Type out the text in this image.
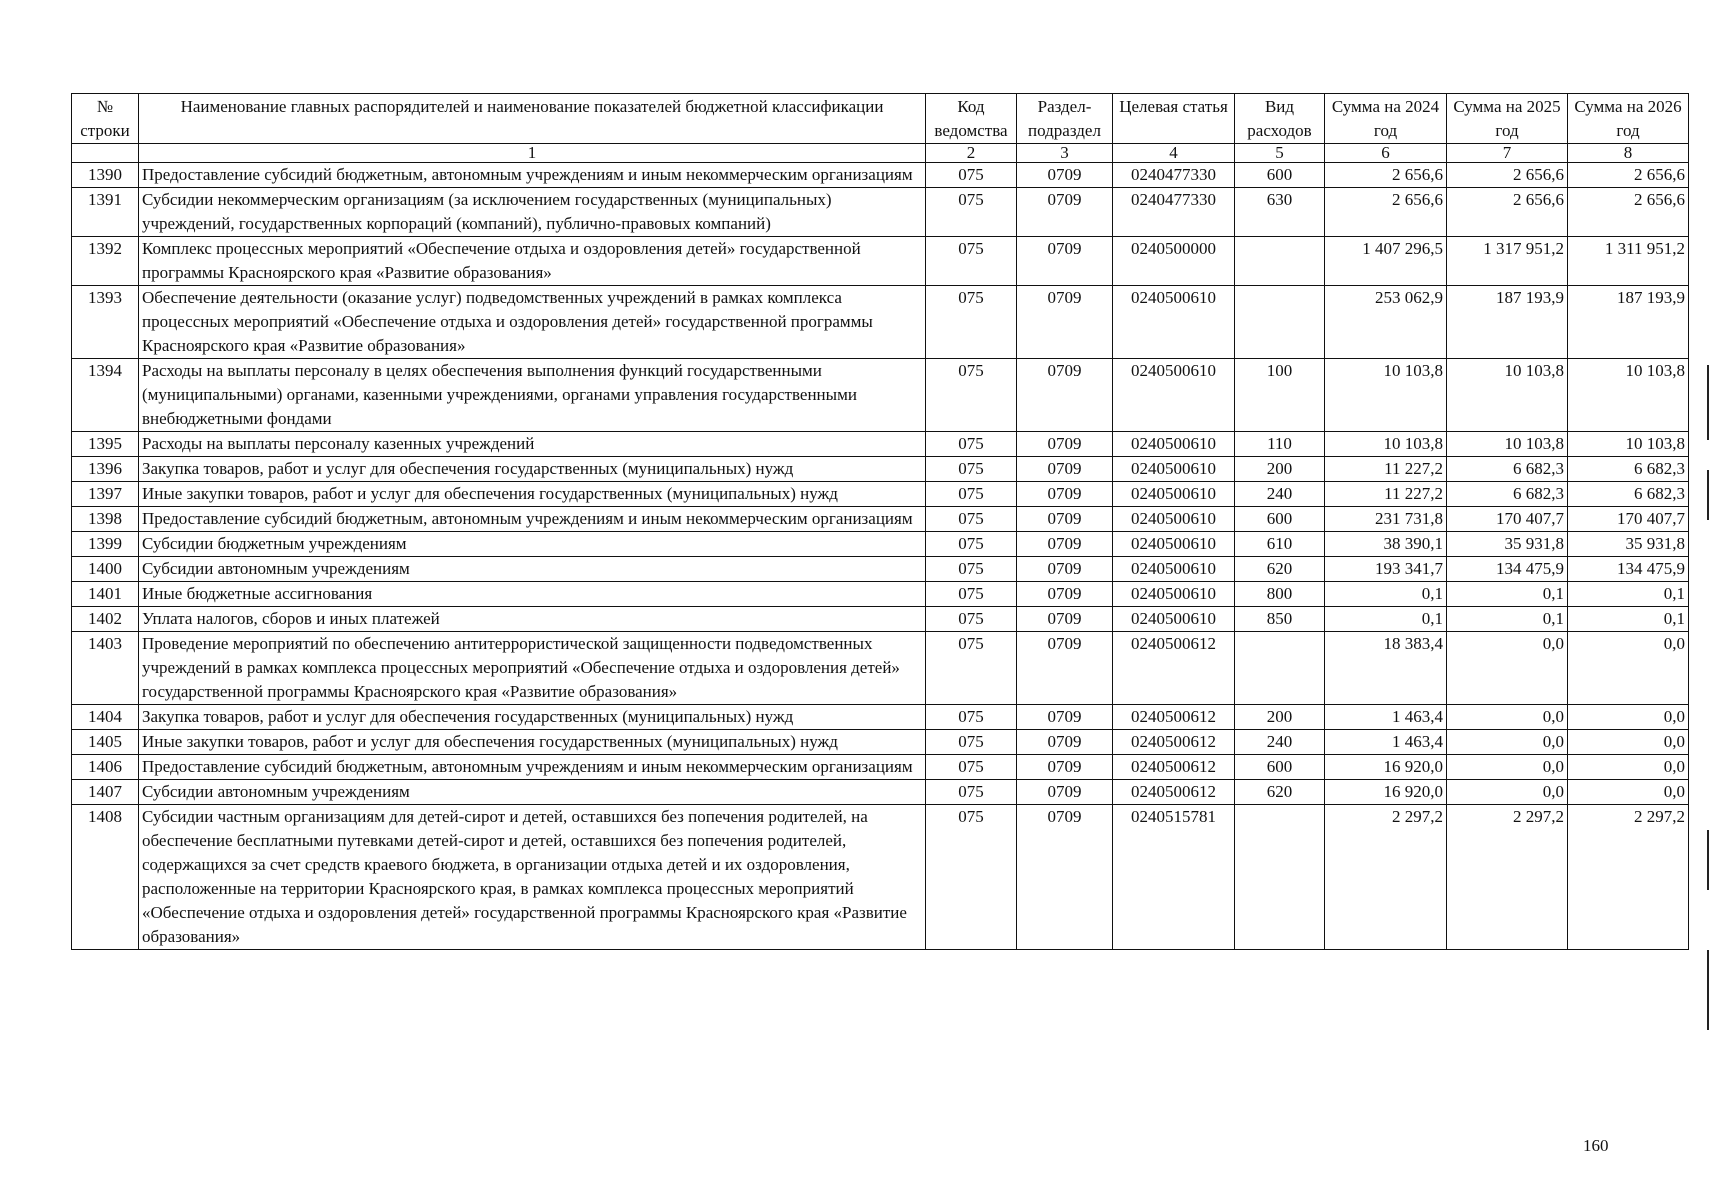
№ строки	Наименование главных распорядителей и наименование показателей бюджетной классификации	Код ведомства	Раздел-подраздел	Целевая статья	Вид расходов	Сумма на 2024 год	Сумма на 2025 год	Сумма на 2026 год
	1	2	3	4	5	6	7	8
1390	Предоставление субсидий бюджетным, автономным учреждениям и иным некоммерческим организациям	075	0709	0240477330	600	2 656,6	2 656,6	2 656,6
1391	Субсидии некоммерческим организациям (за исключением государственных (муниципальных) учреждений, государственных корпораций (компаний), публично-правовых компаний)	075	0709	0240477330	630	2 656,6	2 656,6	2 656,6
1392	Комплекс процессных мероприятий «Обеспечение отдыха и оздоровления детей» государственной программы Красноярского края «Развитие образования»	075	0709	0240500000		1 407 296,5	1 317 951,2	1 311 951,2
1393	Обеспечение деятельности (оказание услуг) подведомственных учреждений в рамках комплекса процессных мероприятий «Обеспечение отдыха и оздоровления детей» государственной программы Красноярского края «Развитие образования»	075	0709	0240500610		253 062,9	187 193,9	187 193,9
1394	Расходы на выплаты персоналу в целях обеспечения выполнения функций государственными (муниципальными) органами, казенными учреждениями, органами управления государственными внебюджетными фондами	075	0709	0240500610	100	10 103,8	10 103,8	10 103,8
1395	Расходы на выплаты персоналу казенных учреждений	075	0709	0240500610	110	10 103,8	10 103,8	10 103,8
1396	Закупка товаров, работ и услуг для обеспечения государственных (муниципальных) нужд	075	0709	0240500610	200	11 227,2	6 682,3	6 682,3
1397	Иные закупки товаров, работ и услуг для обеспечения государственных (муниципальных) нужд	075	0709	0240500610	240	11 227,2	6 682,3	6 682,3
1398	Предоставление субсидий бюджетным, автономным учреждениям и иным некоммерческим организациям	075	0709	0240500610	600	231 731,8	170 407,7	170 407,7
1399	Субсидии бюджетным учреждениям	075	0709	0240500610	610	38 390,1	35 931,8	35 931,8
1400	Субсидии автономным учреждениям	075	0709	0240500610	620	193 341,7	134 475,9	134 475,9
1401	Иные бюджетные ассигнования	075	0709	0240500610	800	0,1	0,1	0,1
1402	Уплата налогов, сборов и иных платежей	075	0709	0240500610	850	0,1	0,1	0,1
1403	Проведение мероприятий по обеспечению антитеррористической защищенности подведомственных учреждений в рамках комплекса процессных мероприятий «Обеспечение отдыха и оздоровления детей» государственной программы Красноярского края «Развитие образования»	075	0709	0240500612		18 383,4	0,0	0,0
1404	Закупка товаров, работ и услуг для обеспечения государственных (муниципальных) нужд	075	0709	0240500612	200	1 463,4	0,0	0,0
1405	Иные закупки товаров, работ и услуг для обеспечения государственных (муниципальных) нужд	075	0709	0240500612	240	1 463,4	0,0	0,0
1406	Предоставление субсидий бюджетным, автономным учреждениям и иным некоммерческим организациям	075	0709	0240500612	600	16 920,0	0,0	0,0
1407	Субсидии автономным учреждениям	075	0709	0240500612	620	16 920,0	0,0	0,0
1408	Субсидии частным организациям для детей-сирот и детей, оставшихся без попечения родителей, на обеспечение бесплатными путевками детей-сирот и детей, оставшихся без попечения родителей, содержащихся за счет средств краевого бюджета, в организации отдыха детей и их оздоровления, расположенные на территории Красноярского края, в рамках комплекса процессных мероприятий «Обеспечение отдыха и оздоровления детей» государственной программы Красноярского края «Развитие образования»	075	0709	0240515781		2 297,2	2 297,2	2 297,2
160
